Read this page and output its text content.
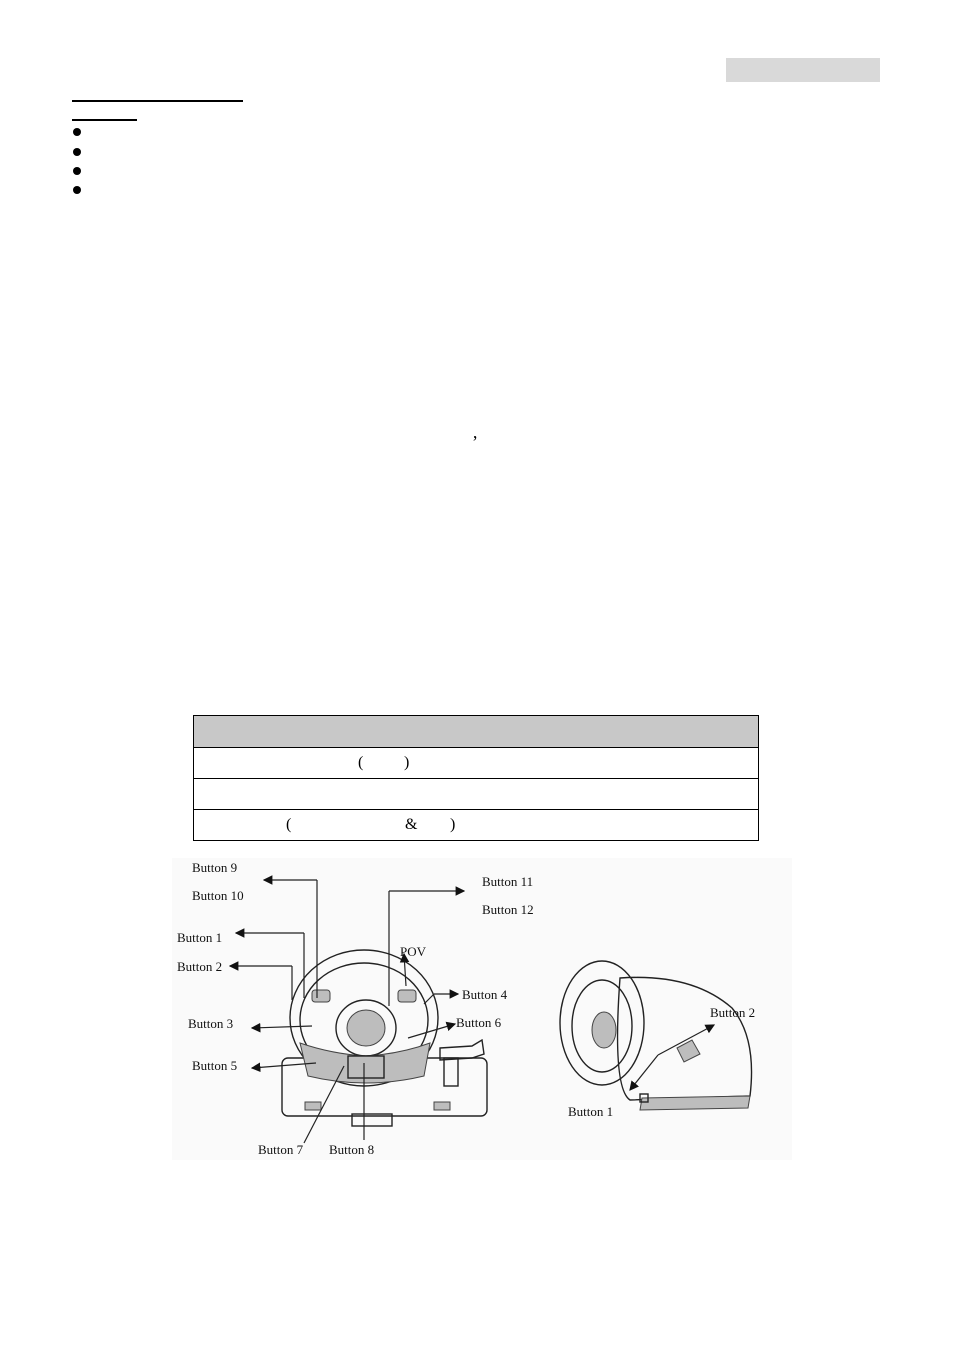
’

(	)

(	& )
Button 9
Button 10
Button 11
Button 12
Button 1
Button 2
POV
Button 4
Button 3	Button 6
Button 5
Button 7 Button 8
Button 2
Button 1
